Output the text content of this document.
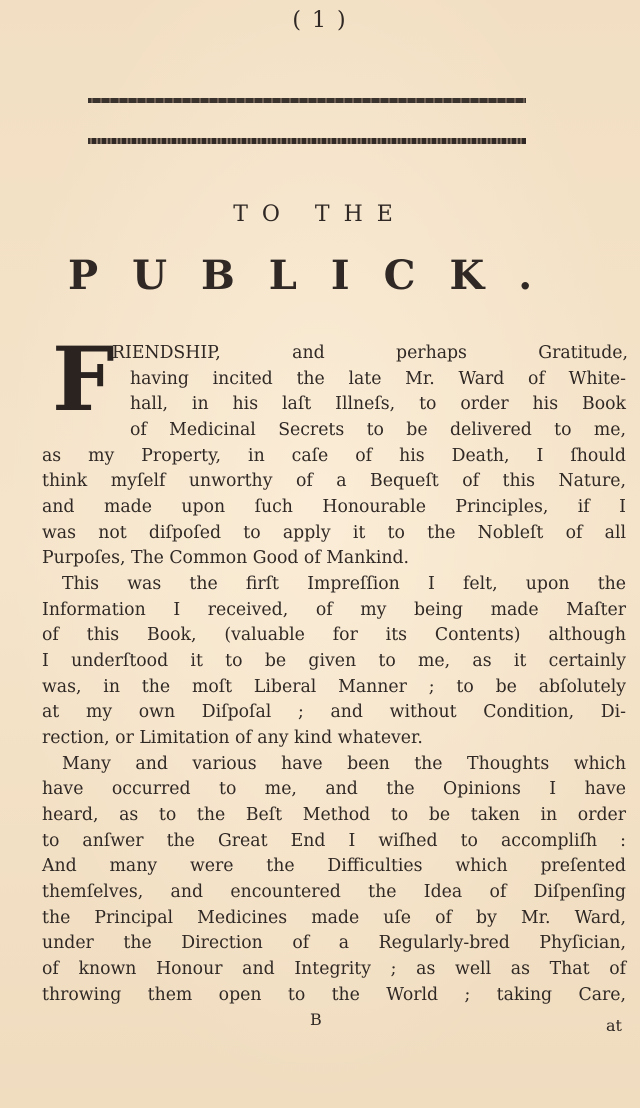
( 1 )
TO THE
PUBLICK.
F
RIENDSHIP, and perhaps Gratitude,
having incited the late Mr. Ward of White-
hall, in his laſt Illneſs, to order his Book
of Medicinal Secrets to be delivered to me,
as my Property, in caſe of his Death, I ſhould
think myſelf unworthy of a Bequeſt of this Nature,
and made upon ſuch Honourable Principles, if I
was not diſpoſed to apply it to the Nobleſt of all
Purpoſes, The Common Good of Mankind.
This was the firſt Impreſſion I felt, upon the
Information I received, of my being made Maſter
of this Book, (valuable for its Contents) although
I underſtood it to be given to me, as it certainly
was, in the moſt Liberal Manner ; to be abſolutely
at my own Diſpoſal ; and without Condition, Di-
rection, or Limitation of any kind whatever.
Many and various have been the Thoughts which
have occurred to me, and the Opinions I have
heard, as to the Beſt Method to be taken in order
to anſwer the Great End I wiſhed to accompliſh :
And many were the Difficulties which preſented
themſelves, and encountered the Idea of Diſpenſing
the Principal Medicines made uſe of by Mr. Ward,
under the Direction of a Regularly-bred Phyſician,
of known Honour and Integrity ; as well as That of
throwing them open to the World ; taking Care,
B	at
